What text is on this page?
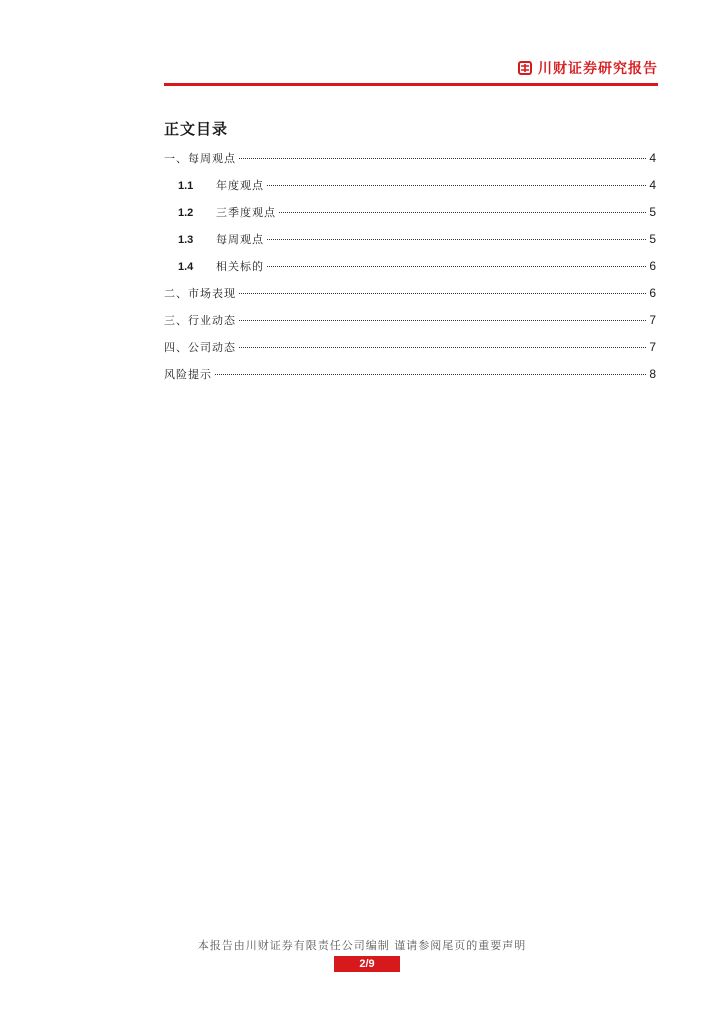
川财证券研究报告
正文目录
一、每周观点	4
1.1	年度观点	4
1.2	三季度观点	5
1.3	每周观点	5
1.4	相关标的	6
二、市场表现	6
三、行业动态	7
四、公司动态	7
风险提示	8
本报告由川财证券有限责任公司编制 谨请参阅尾页的重要声明
2/9
